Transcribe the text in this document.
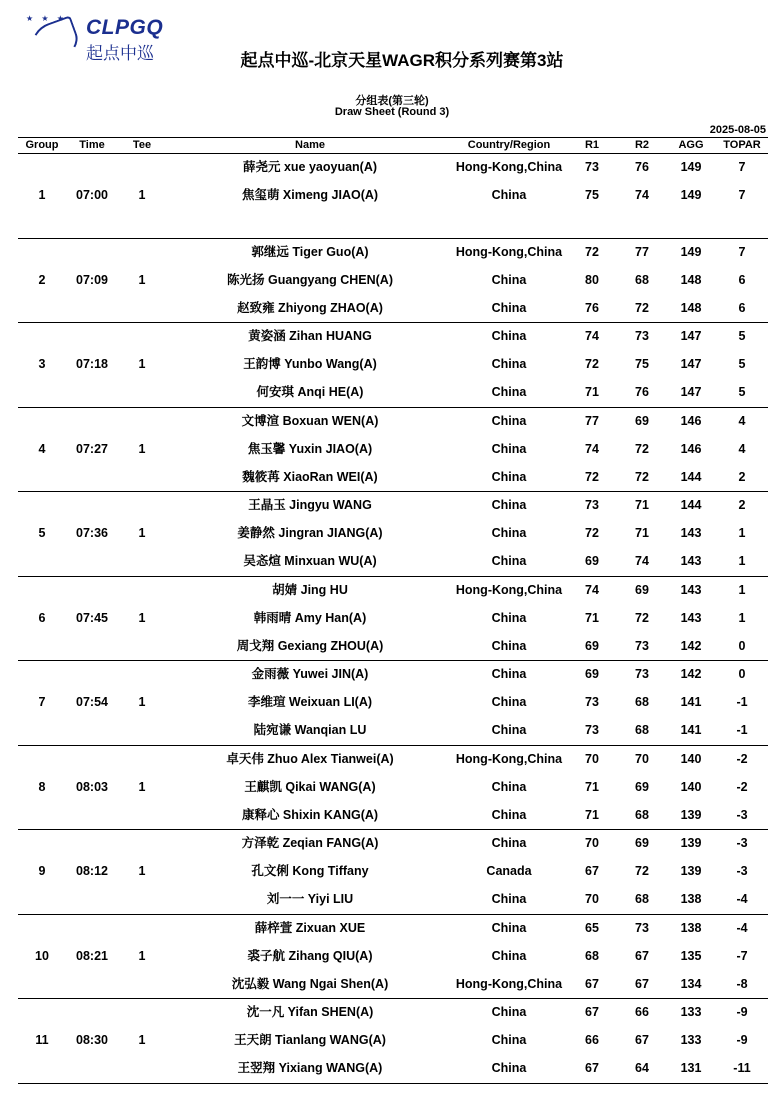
★ ★ ★ CLPGQ
起点中巡	起点中巡-北京天星WAGR积分系列赛第3站
分组表(第三轮)
Draw Sheet (Round 3)
2025-08-05
Group Time	Tee	Name	Country/Region	R1	R2	AGG TOPAR
1 07:00 1
薛尧元 xue yaoyuan(A)	Hong-Kong,China 73	76	149	7
焦玺萌 Ximeng JIAO(A)	China	75	74	149	7
2 07:09 1
郭继远 Tiger Guo(A)	Hong-Kong,China 72	77	149	7
陈光扬 Guangyang CHEN(A)	China	80	68	148	6
赵致雍 Zhiyong ZHAO(A)	China	76	72	148	6
3 07:18 1
黄姿涵 Zihan HUANG	China	74	73	147	5
王韵博 Yunbo Wang(A)	China	72	75	147	5
何安琪 Anqi HE(A)	China	71	76	147	5
4 07:27 1
文博渲 Boxuan WEN(A)	China	77	69	146	4
焦玉馨 Yuxin JIAO(A)	China	74	72	146	4
魏筱苒 XiaoRan WEI(A)	China	72	72	144	2
5 07:36 1
王晶玉 Jingyu WANG	China	73	71	144	2
姜静然 Jingran JIANG(A)	China	72	71	143	1
吴忞煊 Minxuan WU(A)	China	69	74	143	1
6 07:45 1
胡婧 Jing HU	Hong-Kong,China 74	69	143	1
韩雨晴 Amy Han(A)	China	71	72	143	1
周戈翔 Gexiang ZHOU(A)	China	69	73	142	0
7 07:54 1
金雨薇 Yuwei JIN(A)	China	69	73	142	0
李维瑄 Weixuan LI(A)	China	73	68	141	-1
陆宛谦 Wanqian LU	China	73	68	141	-1
8 08:03 1
卓天伟 Zhuo Alex Tianwei(A)	Hong-Kong,China 70	70	140	-2
王麒凯 Qikai WANG(A)	China	71	69	140	-2
康释心 Shixin KANG(A)	China	71	68	139	-3
9 08:12 1
方泽乾 Zeqian FANG(A)	China	70	69	139	-3
孔文俐 Kong Tiffany	Canada	67	72	139	-3
刘一一 Yiyi LIU	China	70	68	138	-4
10 08:21 1
薛梓萱 Zixuan XUE	China	65	73	138	-4
裘子航 Zihang QIU(A)	China	68	67	135	-7
沈弘毅 Wang Ngai Shen(A)	Hong-Kong,China 67	67	134	-8
11 08:30 1
沈一凡 Yifan SHEN(A)	China	67	66	133	-9
王天朗 Tianlang WANG(A)	China	66	67	133	-9
王翌翔 Yixiang WANG(A)	China	67	64	131	-11
